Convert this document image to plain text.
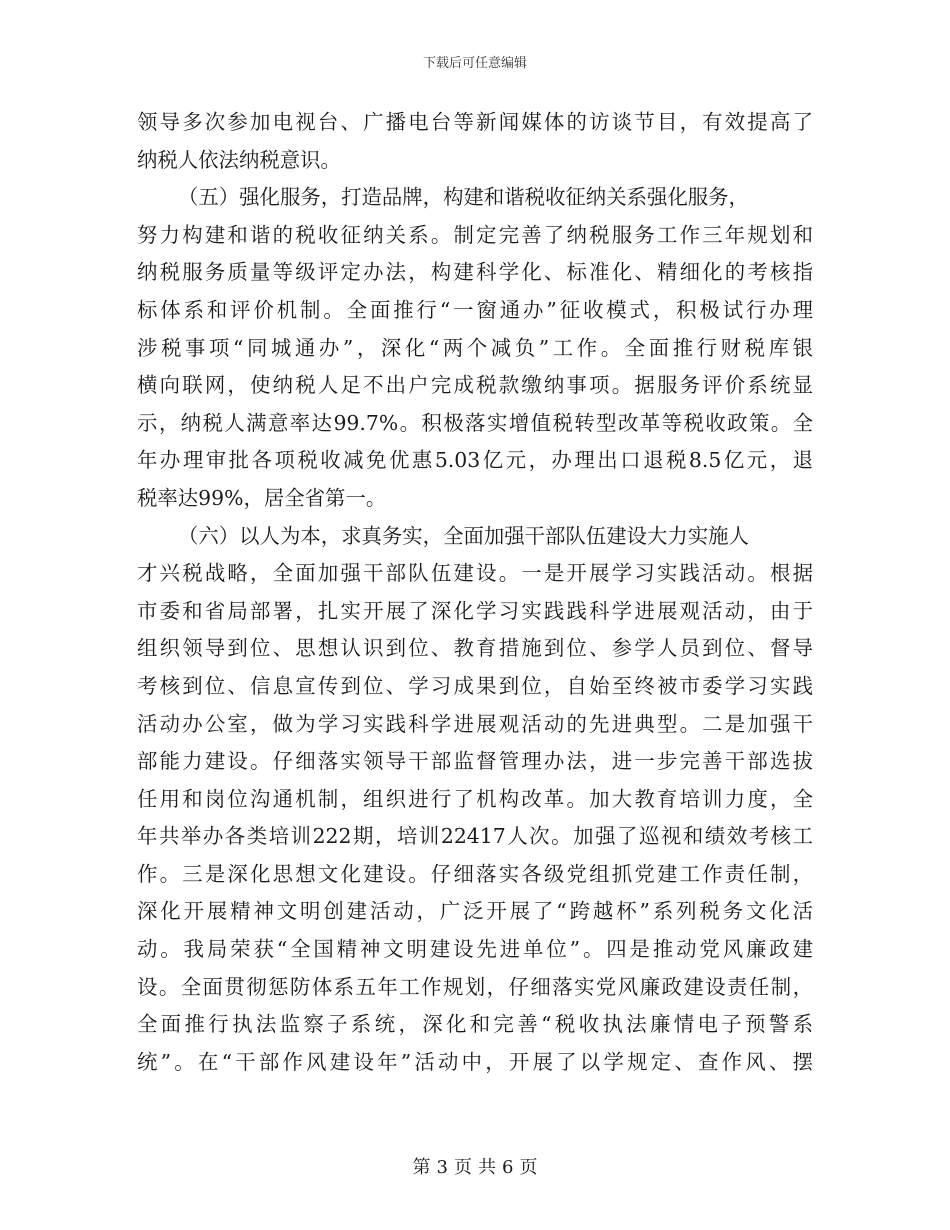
下载后可任意编辑
领导多次参加电视台、广播电台等新闻媒体的访谈节目，有效提高了
纳税人依法纳税意识。
（五）强化服务，打造品牌，构建和谐税收征纳关系强化服务，
努力构建和谐的税收征纳关系。制定完善了纳税服务工作三年规划和
纳税服务质量等级评定办法，构建科学化、标准化、精细化的考核指
标体系和评价机制。全面推行“一窗通办”征收模式，积极试行办理
涉税事项“同城通办”，深化“两个减负”工作。全面推行财税库银
横向联网，使纳税人足不出户完成税款缴纳事项。据服务评价系统显
示，纳税人满意率达99.7%。积极落实增值税转型改革等税收政策。全
年办理审批各项税收减免优惠5.03亿元，办理出口退税8.5亿元，退
税率达99%，居全省第一。
（六）以人为本，求真务实，全面加强干部队伍建设大力实施人
才兴税战略，全面加强干部队伍建设。一是开展学习实践活动。根据
市委和省局部署，扎实开展了深化学习实践践科学进展观活动，由于
组织领导到位、思想认识到位、教育措施到位、参学人员到位、督导
考核到位、信息宣传到位、学习成果到位，自始至终被市委学习实践
活动办公室，做为学习实践科学进展观活动的先进典型。二是加强干
部能力建设。仔细落实领导干部监督管理办法，进一步完善干部选拔
任用和岗位沟通机制，组织进行了机构改革。加大教育培训力度，全
年共举办各类培训222期，培训22417人次。加强了巡视和绩效考核工
作。三是深化思想文化建设。仔细落实各级党组抓党建工作责任制，
深化开展精神文明创建活动，广泛开展了“跨越杯”系列税务文化活
动。我局荣获“全国精神文明建设先进单位”。四是推动党风廉政建
设。全面贯彻惩防体系五年工作规划，仔细落实党风廉政建设责任制，
全面推行执法监察子系统，深化和完善“税收执法廉情电子预警系
统”。在“干部作风建设年”活动中，开展了以学规定、查作风、摆
第 3 页 共 6 页
